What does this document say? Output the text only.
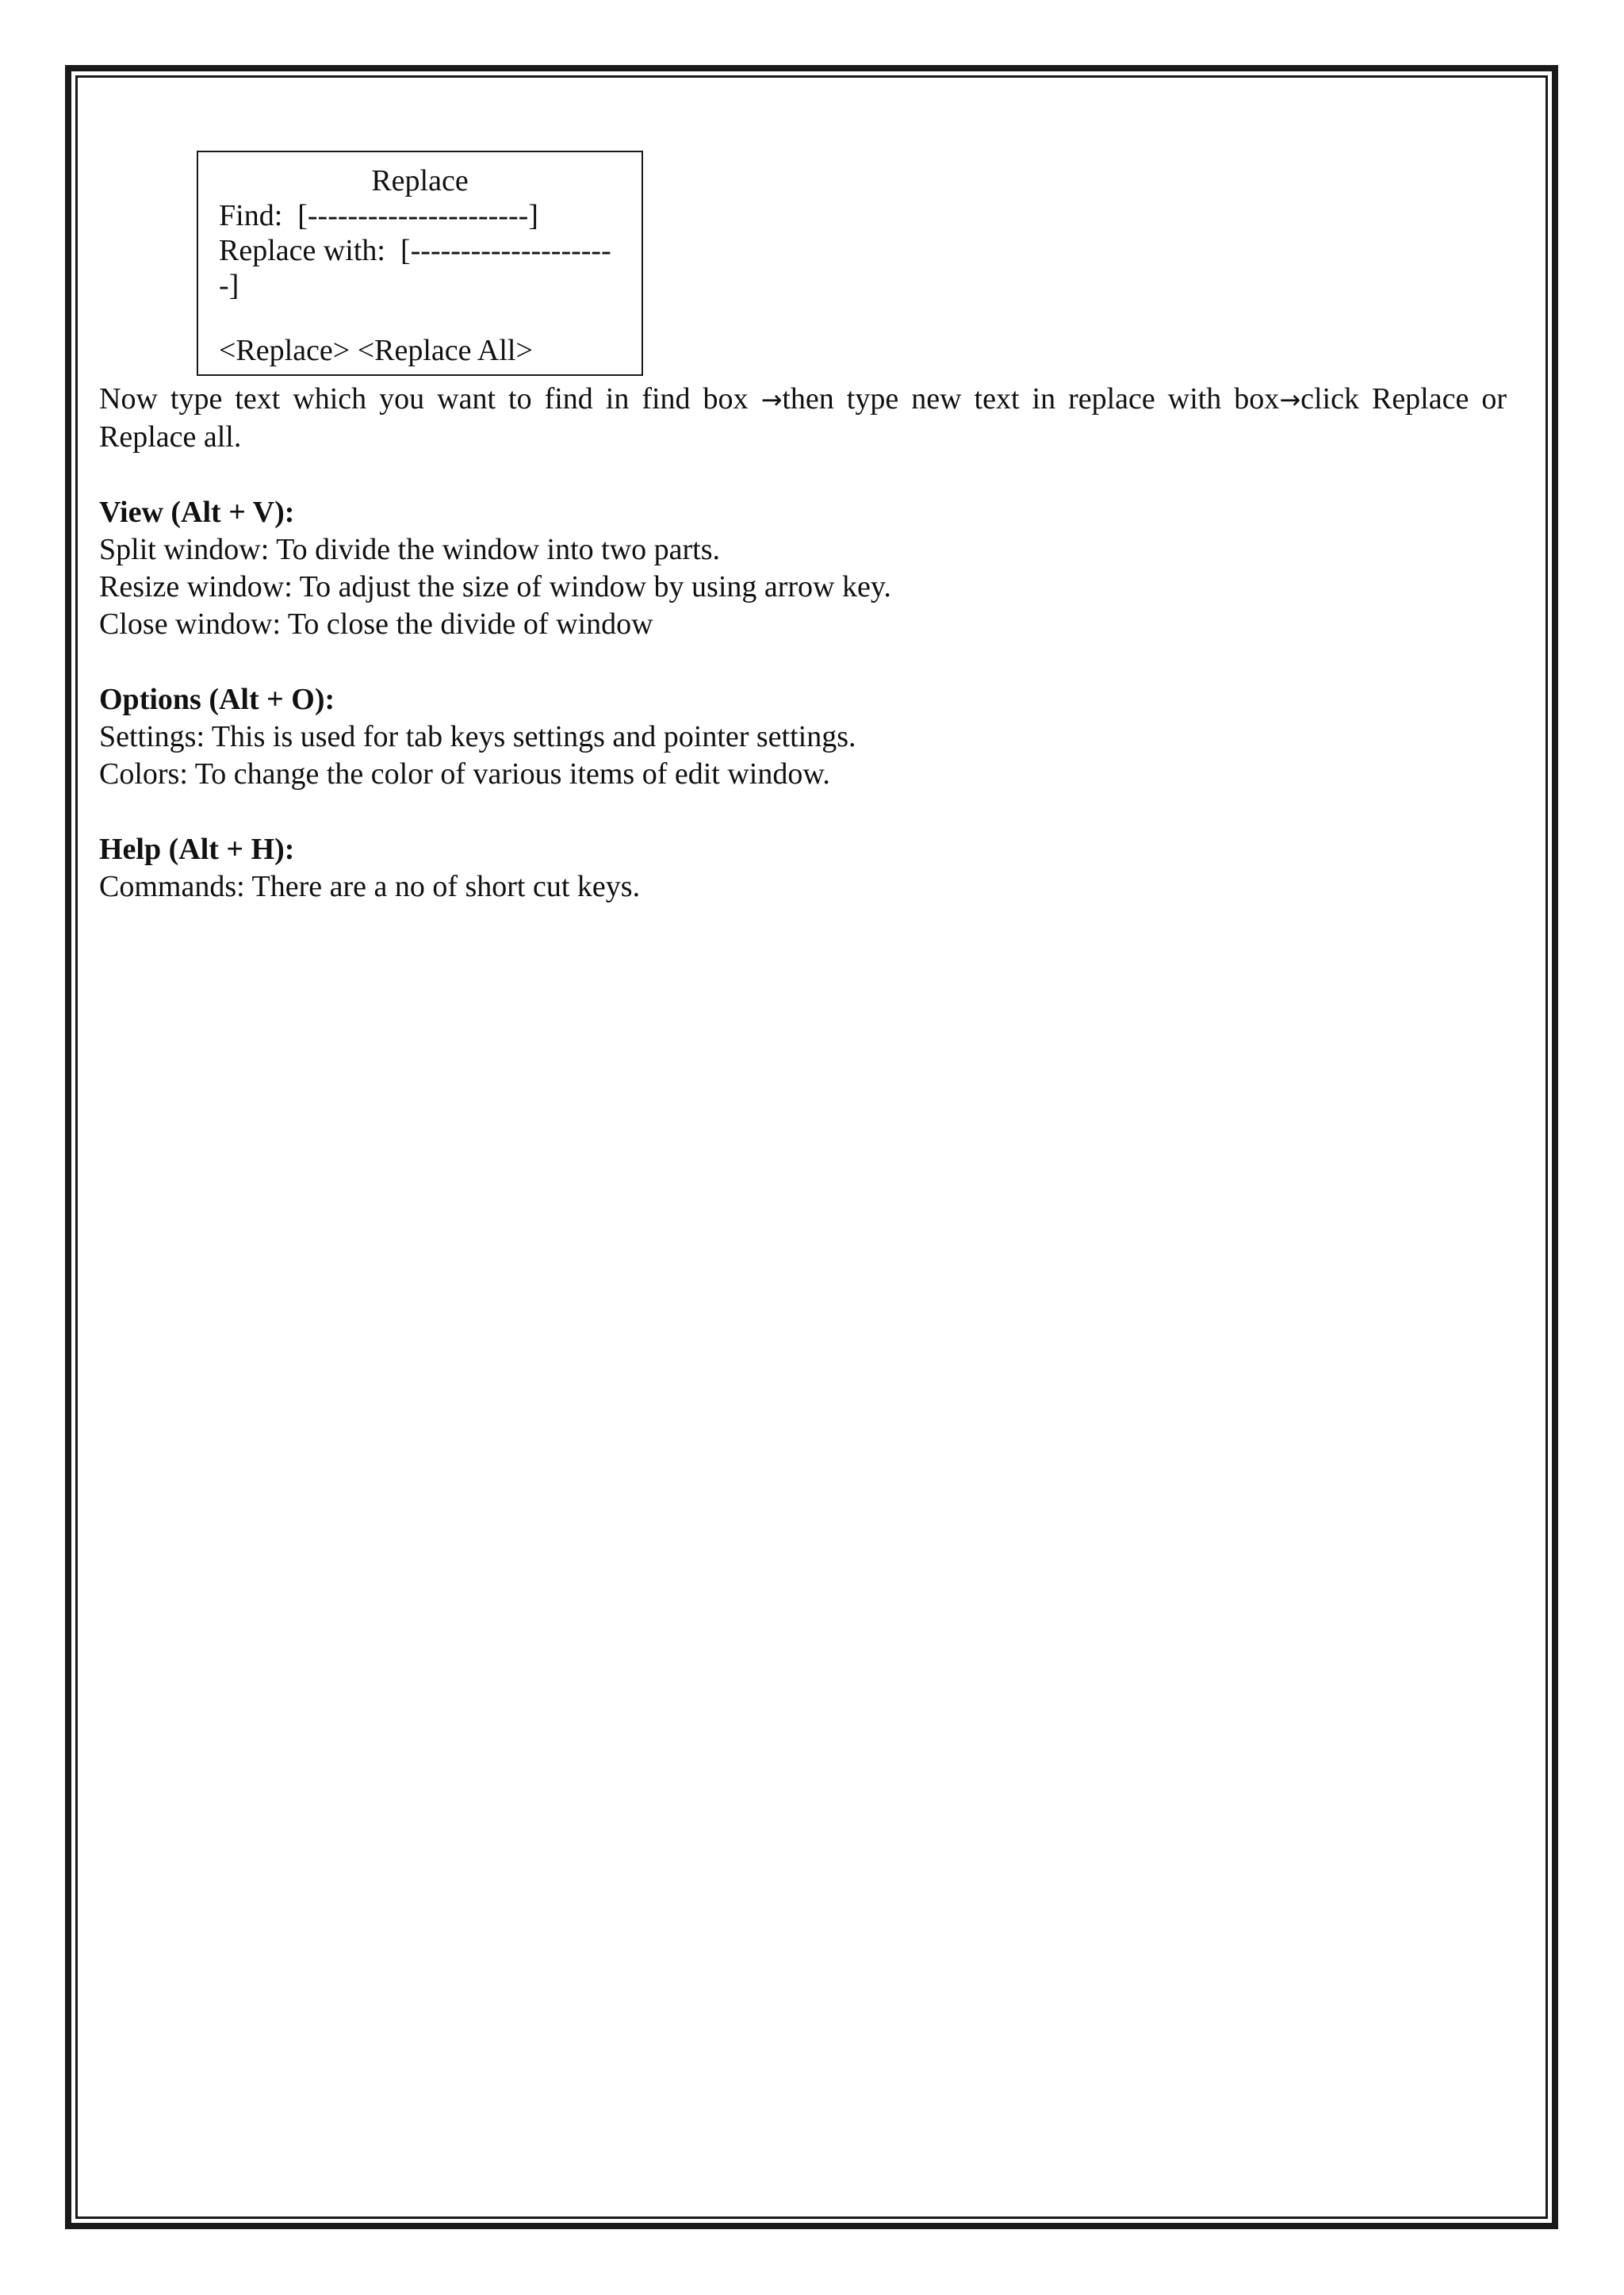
Replace
Find:  [----------------------]
Replace with:  [--------------------
-]
<Replace> <Replace All>

Now type text which you want to find in find box →then type new text in replace with box→click Replace or Replace all.

View (Alt + V):

Split window: To divide the window into two parts.

Resize window: To adjust the size of window by using arrow key.

Close window: To close the divide of window

Options (Alt + O):

Settings: This is used for tab keys settings and pointer settings.

Colors: To change the color of various items of edit window.

Help (Alt + H):

Commands: There are a no of short cut keys.
